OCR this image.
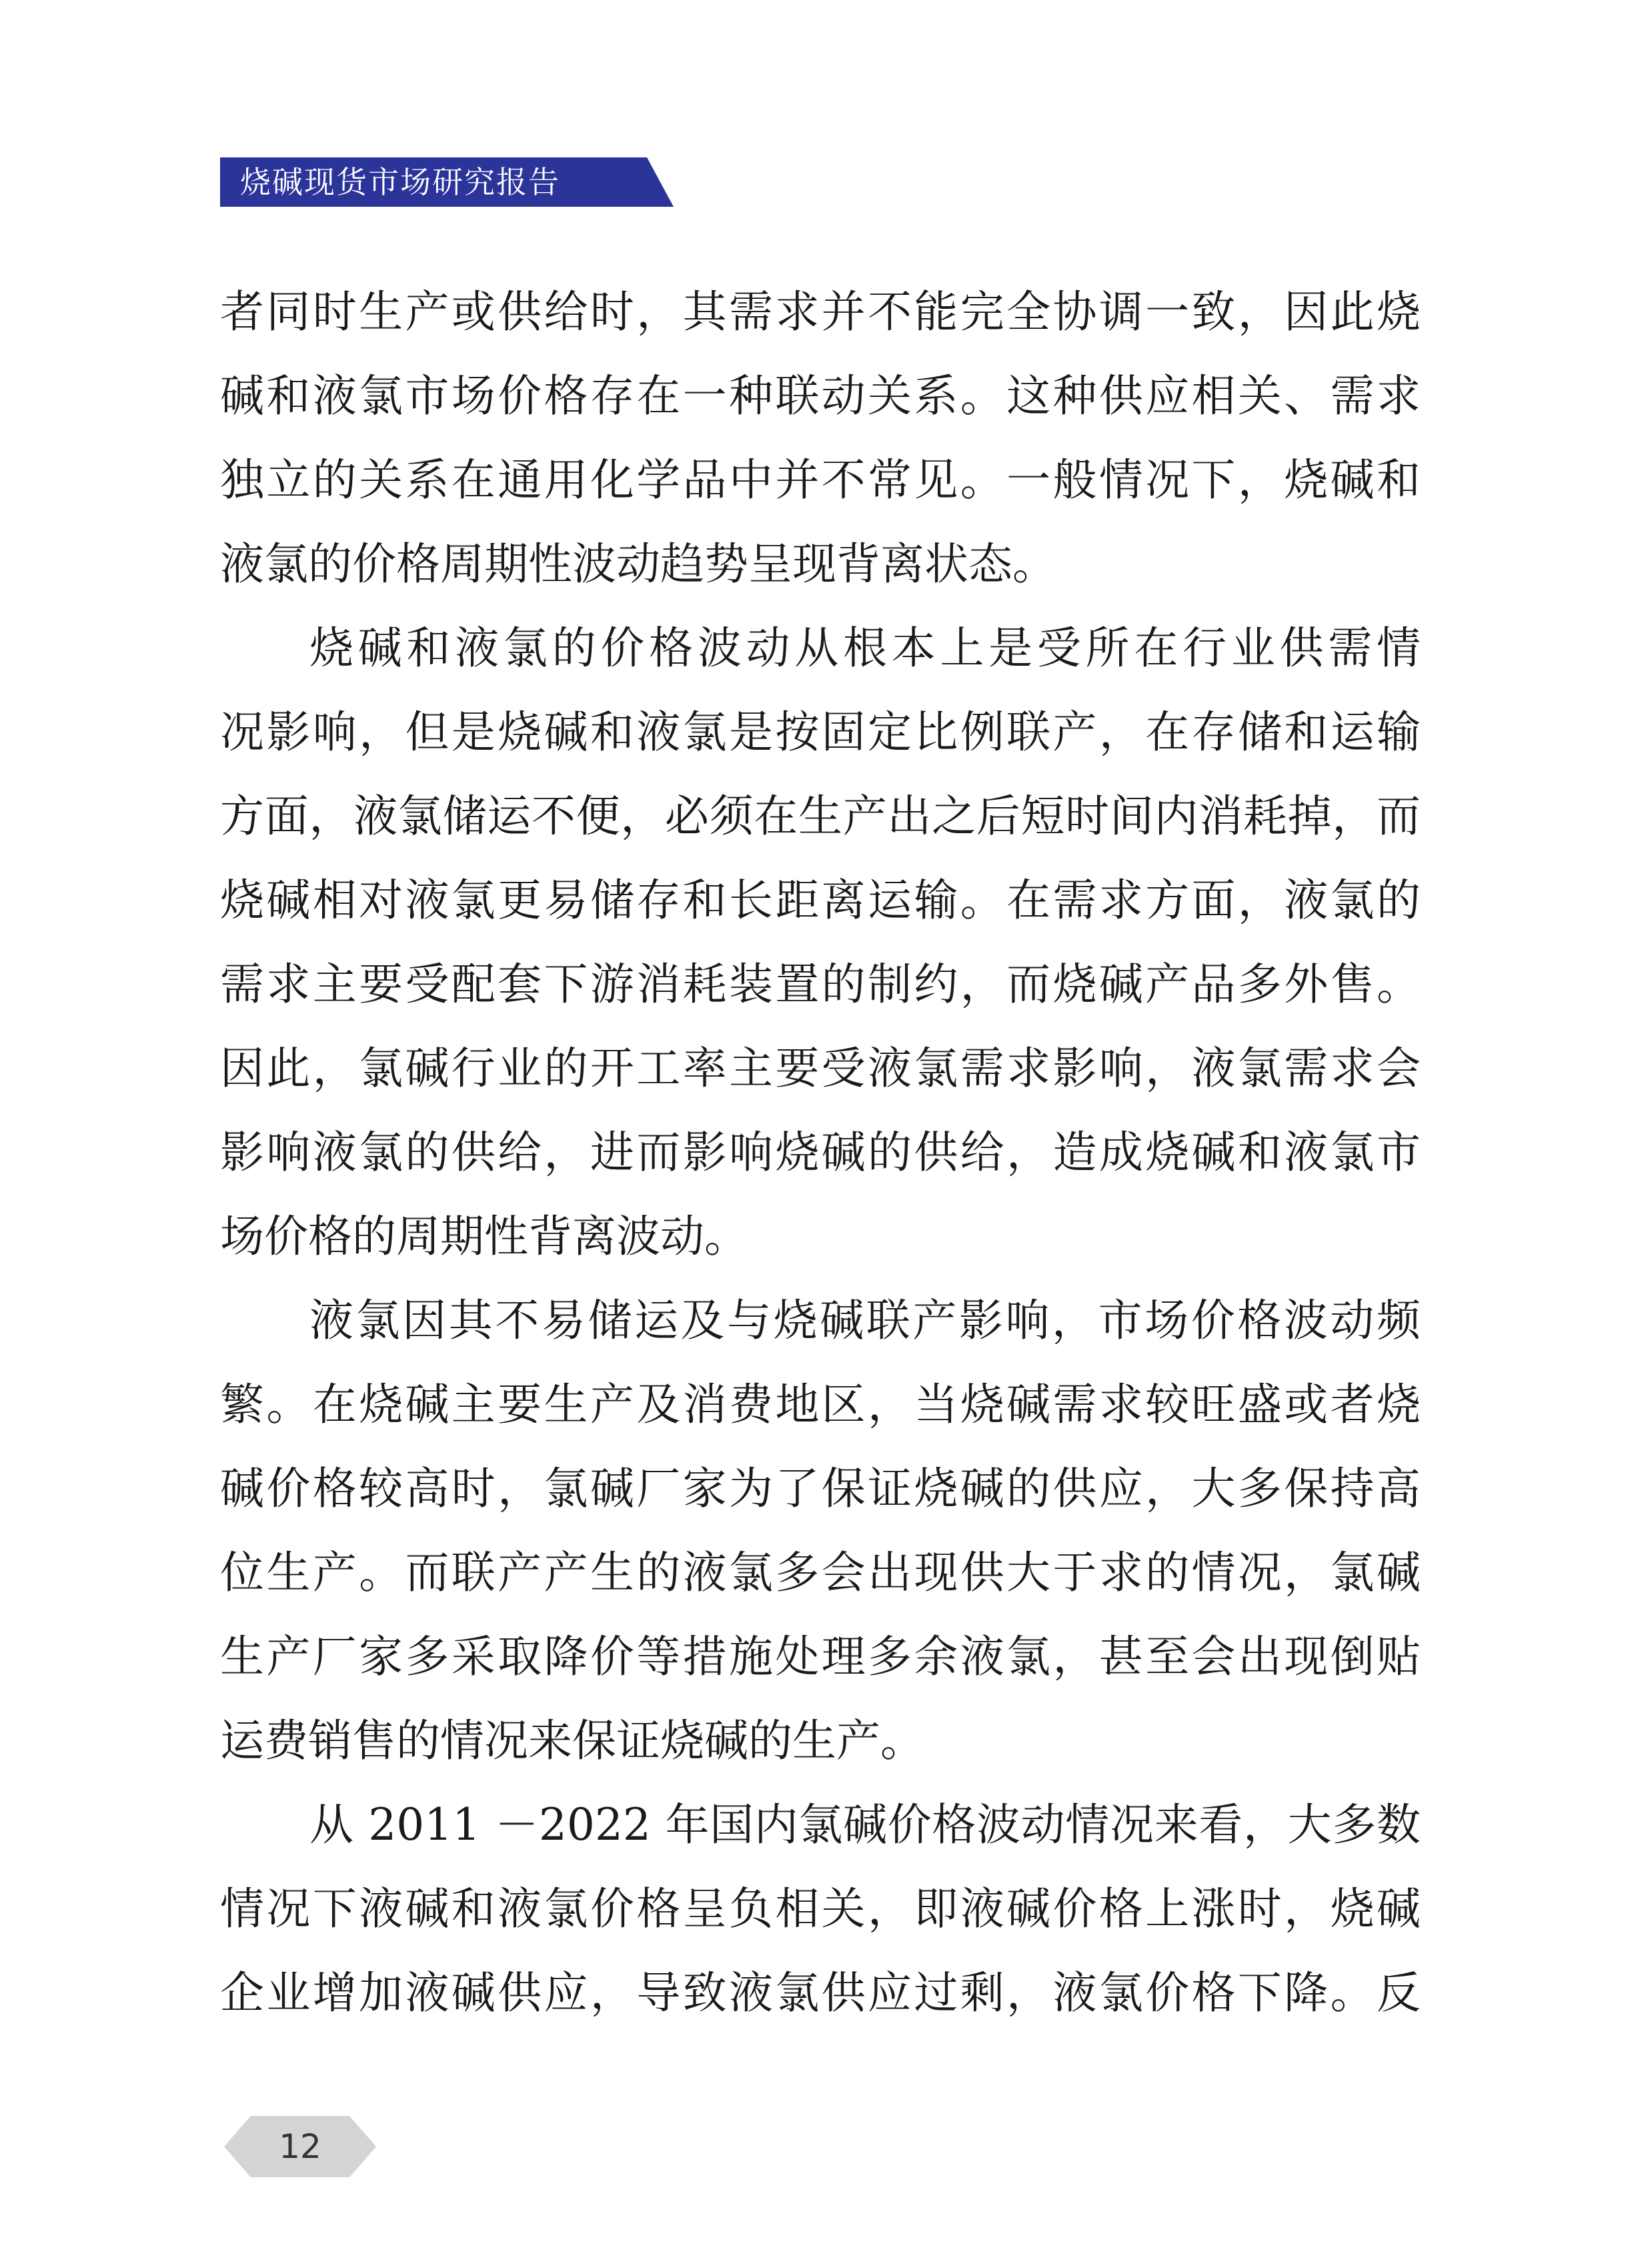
烧碱现货市场研究报告
者同时生产或供给时，其需求并不能完全协调一致，因此烧
碱和液氯市场价格存在一种联动关系。这种供应相关、需求
独立的关系在通用化学品中并不常见。一般情况下，烧碱和
液氯的价格周期性波动趋势呈现背离状态。
烧碱和液氯的价格波动从根本上是受所在行业供需情
况影响，但是烧碱和液氯是按固定比例联产，在存储和运输
方面，液氯储运不便，必须在生产出之后短时间内消耗掉，而
烧碱相对液氯更易储存和长距离运输。在需求方面，液氯的
需求主要受配套下游消耗装置的制约，而烧碱产品多外售。
因此，氯碱行业的开工率主要受液氯需求影响，液氯需求会
影响液氯的供给，进而影响烧碱的供给，造成烧碱和液氯市
场价格的周期性背离波动。
液氯因其不易储运及与烧碱联产影响，市场价格波动频
繁。在烧碱主要生产及消费地区，当烧碱需求较旺盛或者烧
碱价格较高时，氯碱厂家为了保证烧碱的供应，大多保持高
位生产。而联产产生的液氯多会出现供大于求的情况，氯碱
生产厂家多采取降价等措施处理多余液氯，甚至会出现倒贴
运费销售的情况来保证烧碱的生产。
从 2011 －2022 年国内氯碱价格波动情况来看，大多数
情况下液碱和液氯价格呈负相关，即液碱价格上涨时，烧碱
企业增加液碱供应，导致液氯供应过剩，液氯价格下降。反
12
